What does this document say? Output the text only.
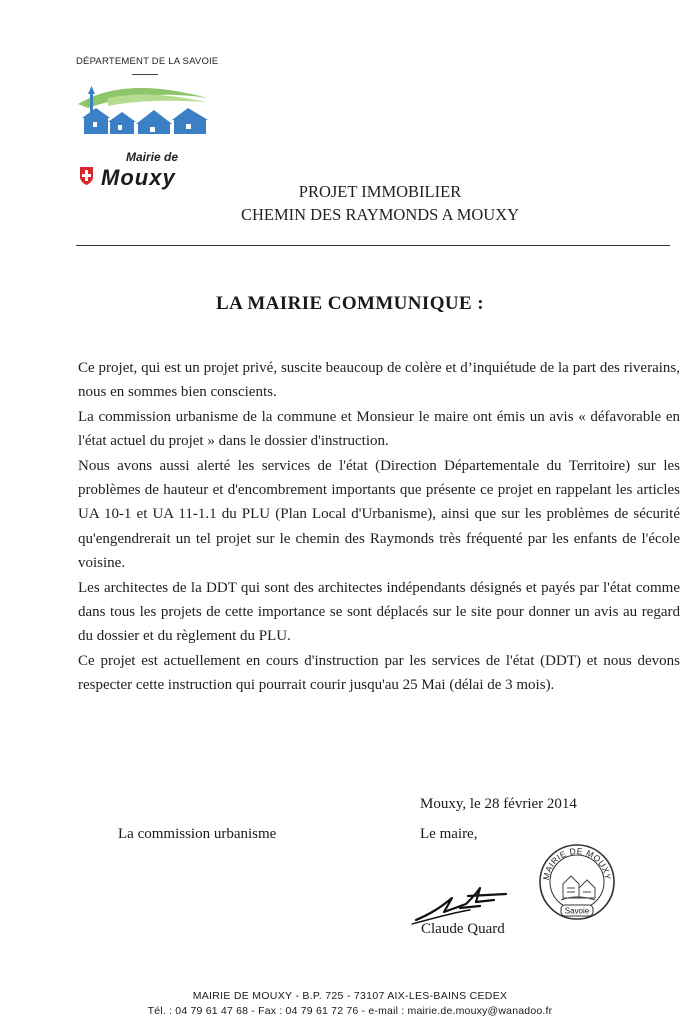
DÉPARTEMENT DE LA SAVOIE
Mairie de
Mouxy
PROJET IMMOBILIER
CHEMIN DES RAYMONDS A MOUXY
LA MAIRIE COMMUNIQUE :

Ce projet, qui est un projet privé, suscite beaucoup de colère et d’inquiétude de la part des riverains, nous en sommes bien conscients.

La commission urbanisme de la commune et Monsieur le maire ont émis un avis « défavorable en l'état actuel du projet » dans le dossier d'instruction.

Nous avons aussi alerté les services de l'état (Direction Départementale du Territoire) sur les problèmes de hauteur et d'encombrement importants que présente ce projet en rappelant les articles UA 10-1 et UA 11-1.1 du PLU (Plan Local d'Urbanisme), ainsi que sur les problèmes de sécurité qu'engendrerait un tel projet sur le chemin des Raymonds très fréquenté par les enfants de l'école voisine.

Les architectes de la DDT qui sont des architectes indépendants désignés et payés par l'état comme dans tous les projets de cette importance se sont déplacés sur le site pour donner un avis au regard du dossier et du règlement du PLU.

Ce projet est actuellement en cours d'instruction par les services de l'état (DDT) et nous devons respecter cette instruction qui pourrait courir jusqu'au 25 Mai (délai de 3 mois).

Mouxy, le 28 février 2014
La commission urbanisme	Le maire,
MAIRIE DE MOUXY
Savoie
Claude Quard
MAIRIE DE MOUXY - B.P. 725 - 73107 AIX-LES-BAINS CEDEX
Tél. : 04 79 61 47 68 - Fax : 04 79 61 72 76 - e-mail : mairie.de.mouxy@wanadoo.fr
